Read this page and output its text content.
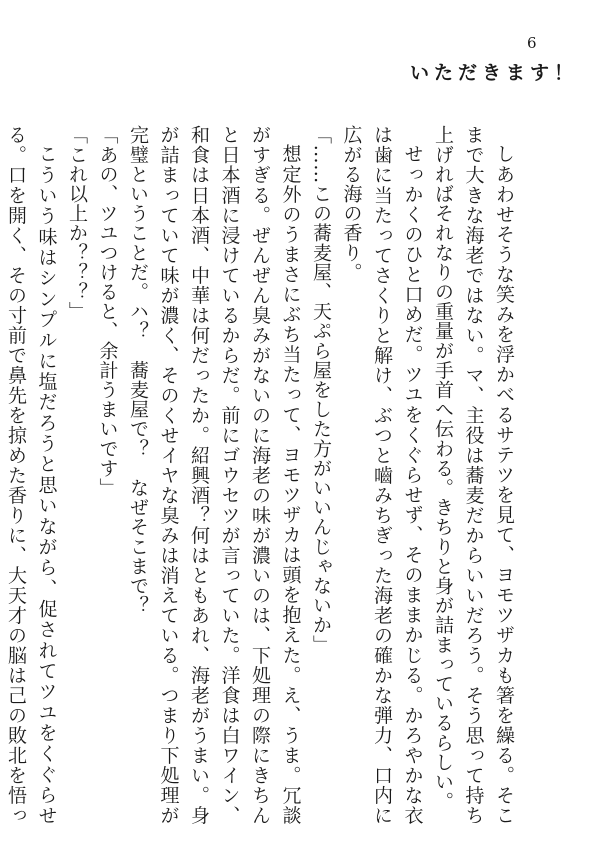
6
いただきます！

しあわせそうな笑みを浮かべるサテツを見て、ヨモツザカも箸を繰る。そこまで大きな海老ではない。マ、主役は蕎麦だからいいだろう。そう思って持ち上げればそれなりの重量が手首へ伝わる。きちりと身が詰まっているらしい。

せっかくのひと口めだ。ツユをくぐらせず、そのままかじる。かろやかな衣は歯に当たってさくりと解け、ぶつと嚙みちぎった海老の確かな弾力、口内に広がる海の香り。

「……この蕎麦屋、天ぷら屋をした方がいいんじゃないか」

想定外のうまさにぶち当たって、ヨモツザカは頭を抱えた。え、うま。冗談がすぎる。ぜんぜん臭みがないのに海老の味が濃いのは、下処理の際にきちんと日本酒に浸けているからだ。前にゴウセツが言っていた。洋食は白ワイン、和食は日本酒、中華は何だったか。紹興酒？何はともあれ、海老がうまい。身が詰まっていて味が濃く、そのくせイヤな臭みは消えている。つまり下処理が完璧ということだ。ハ？　蕎麦屋で？　なぜそこまで？

「あの、ツユつけると、余計うまいです」

「これ以上か？？？」

こういう味はシンプルに塩だろうと思いながら、促されてツユをくぐらせる。口を開く、その寸前で鼻先を掠めた香りに、大天才の脳は己の敗北を悟っ
